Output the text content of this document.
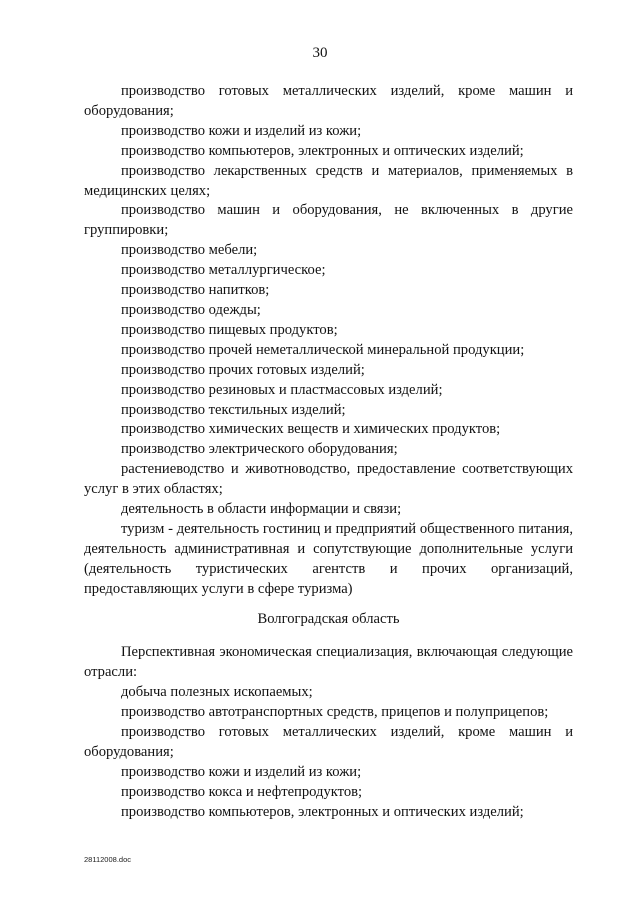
30

производство готовых металлических изделий, кроме машин и оборудования;

производство кожи и изделий из кожи;

производство компьютеров, электронных и оптических изделий;

производство лекарственных средств и материалов, применяемых в медицинских целях;

производство машин и оборудования, не включенных в другие группировки;

производство мебели;

производство металлургическое;

производство напитков;

производство одежды;

производство пищевых продуктов;

производство прочей неметаллической минеральной продукции;

производство прочих готовых изделий;

производство резиновых и пластмассовых изделий;

производство текстильных изделий;

производство химических веществ и химических продуктов;

производство электрического оборудования;

растениеводство и животноводство, предоставление соответствующих услуг в этих областях;

деятельность в области информации и связи;

туризм - деятельность гостиниц и предприятий общественного питания, деятельность административная и сопутствующие дополнительные услуги (деятельность туристических агентств и прочих организаций, предоставляющих услуги в сфере туризма)

Волгоградская область

Перспективная экономическая специализация, включающая следующие отрасли:

добыча полезных ископаемых;

производство автотранспортных средств, прицепов и полуприцепов;

производство готовых металлических изделий, кроме машин и оборудования;

производство кожи и изделий из кожи;

производство кокса и нефтепродуктов;

производство компьютеров, электронных и оптических изделий;

28112008.doc
